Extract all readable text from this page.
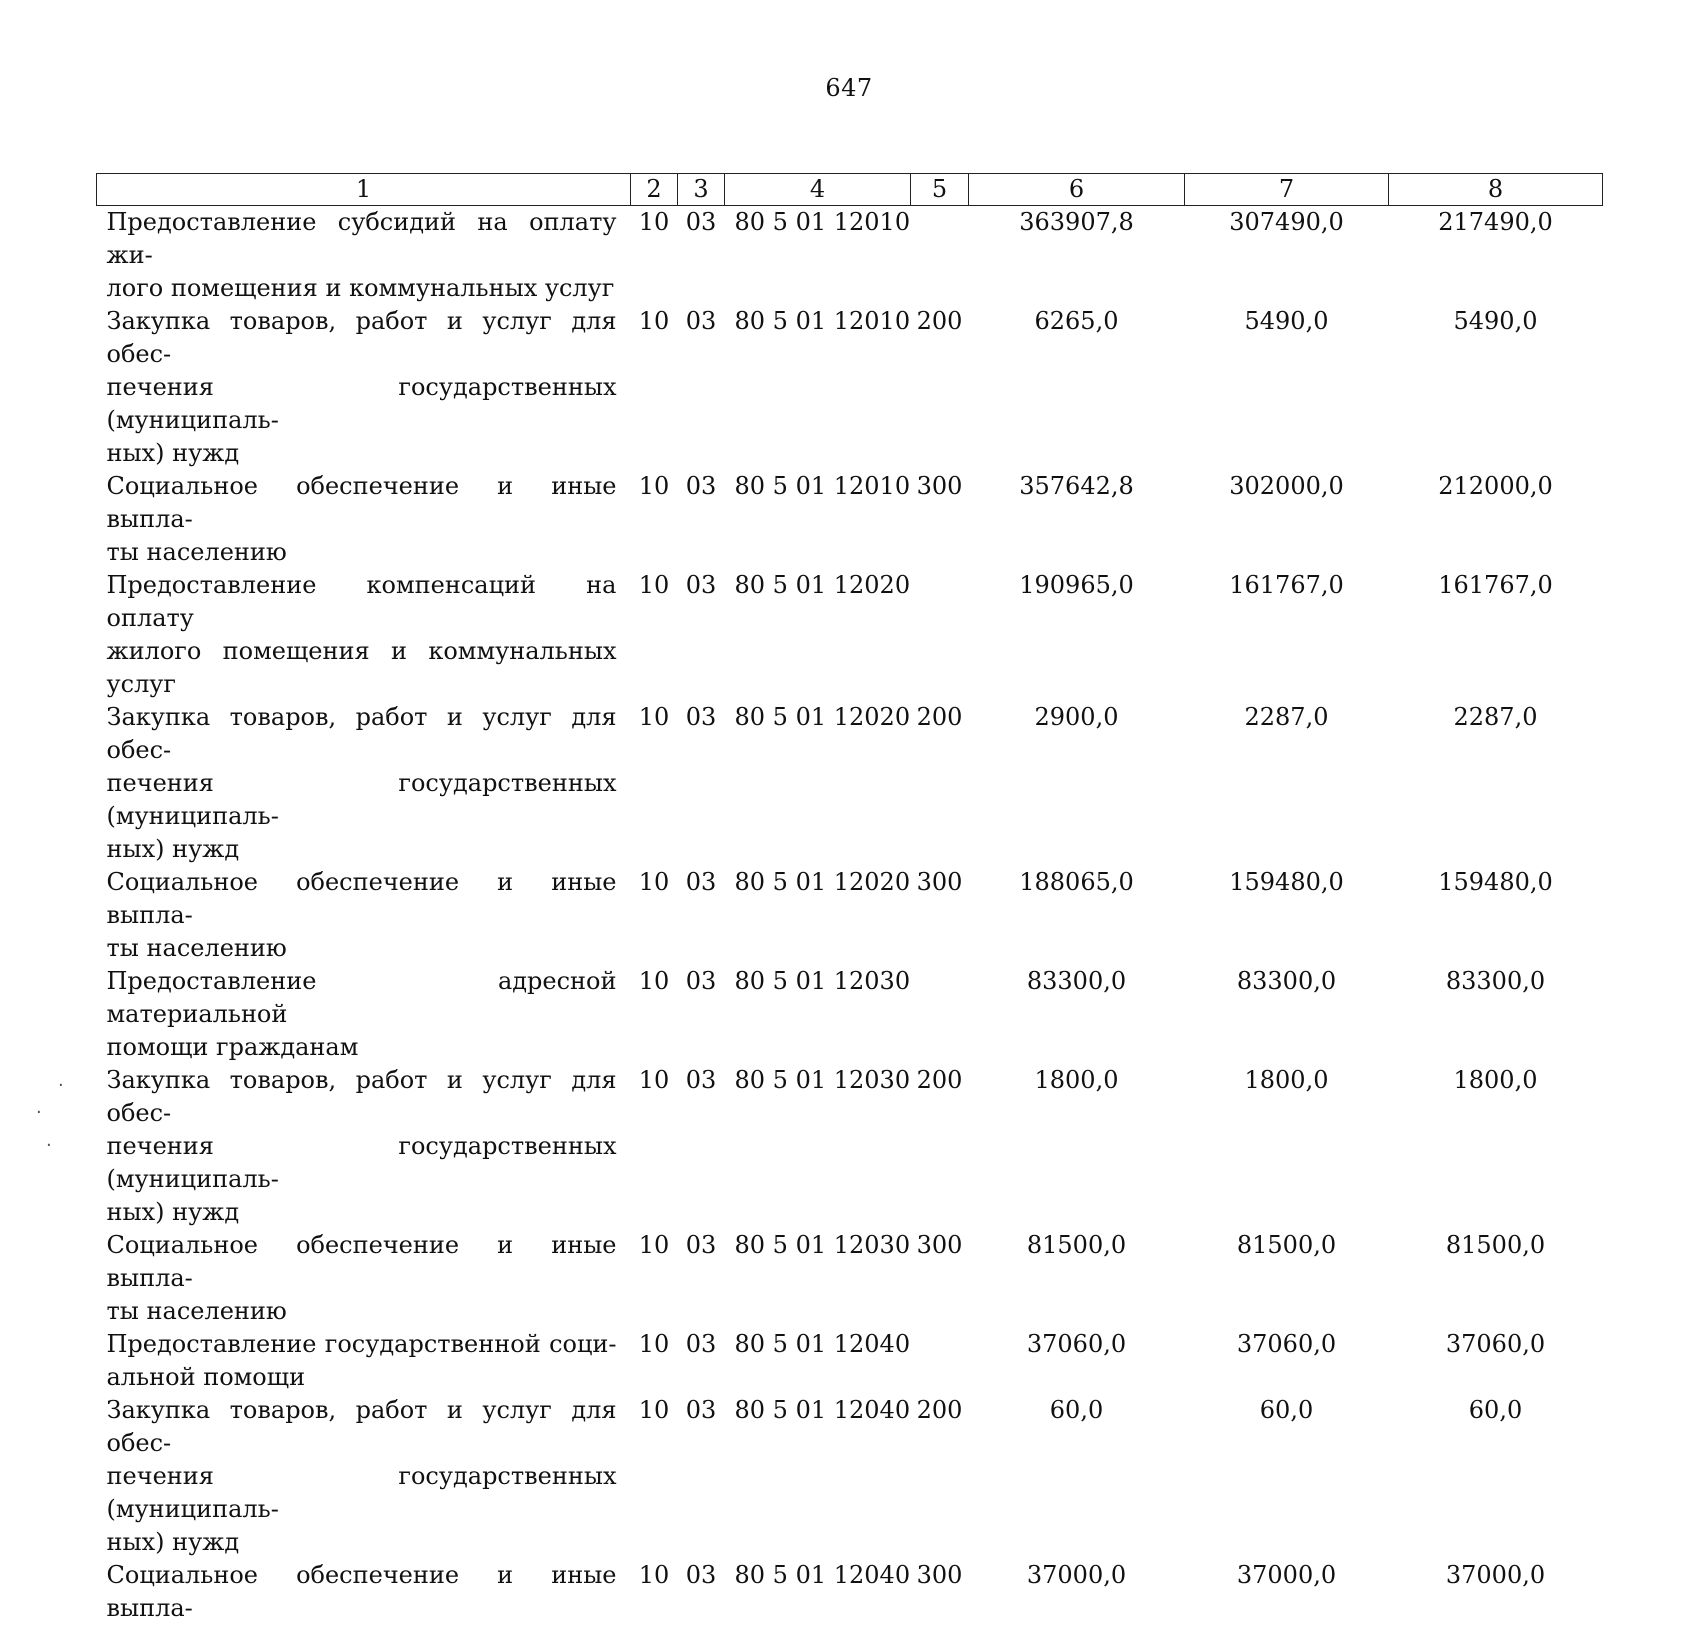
647
1	2	3	4	5	6	7	8

Предоставление субсидий на оплату жи-
лого помещения и коммунальных услуг	10	03	80 5 01 12010		363907,8	307490,0	217490,0

Закупка товаров, работ и услуг для обес-
печения государственных (муниципаль-
ных) нужд	10	03	80 5 01 12010	200	6265,0	5490,0	5490,0

Социальное обеспечение и иные выпла-
ты населению	10	03	80 5 01 12010	300	357642,8	302000,0	212000,0

Предоставление компенсаций на оплату
жилого помещения и коммунальных
услуг	10	03	80 5 01 12020		190965,0	161767,0	161767,0

Закупка товаров, работ и услуг для обес-
печения государственных (муниципаль-
ных) нужд	10	03	80 5 01 12020	200	2900,0	2287,0	2287,0

Социальное обеспечение и иные выпла-
ты населению	10	03	80 5 01 12020	300	188065,0	159480,0	159480,0

Предоставление адресной материальной
помощи гражданам	10	03	80 5 01 12030		83300,0	83300,0	83300,0

Закупка товаров, работ и услуг для обес-
печения государственных (муниципаль-
ных) нужд	10	03	80 5 01 12030	200	1800,0	1800,0	1800,0

Социальное обеспечение и иные выпла-
ты населению	10	03	80 5 01 12030	300	81500,0	81500,0	81500,0

Предоставление государственной соци-
альной помощи	10	03	80 5 01 12040		37060,0	37060,0	37060,0

Закупка товаров, работ и услуг для обес-
печения государственных (муниципаль-
ных) нужд	10	03	80 5 01 12040	200	60,0	60,0	60,0

Социальное обеспечение и иные выпла-	10	03	80 5 01 12040	300	37000,0	37000,0	37000,0
·
·
·
